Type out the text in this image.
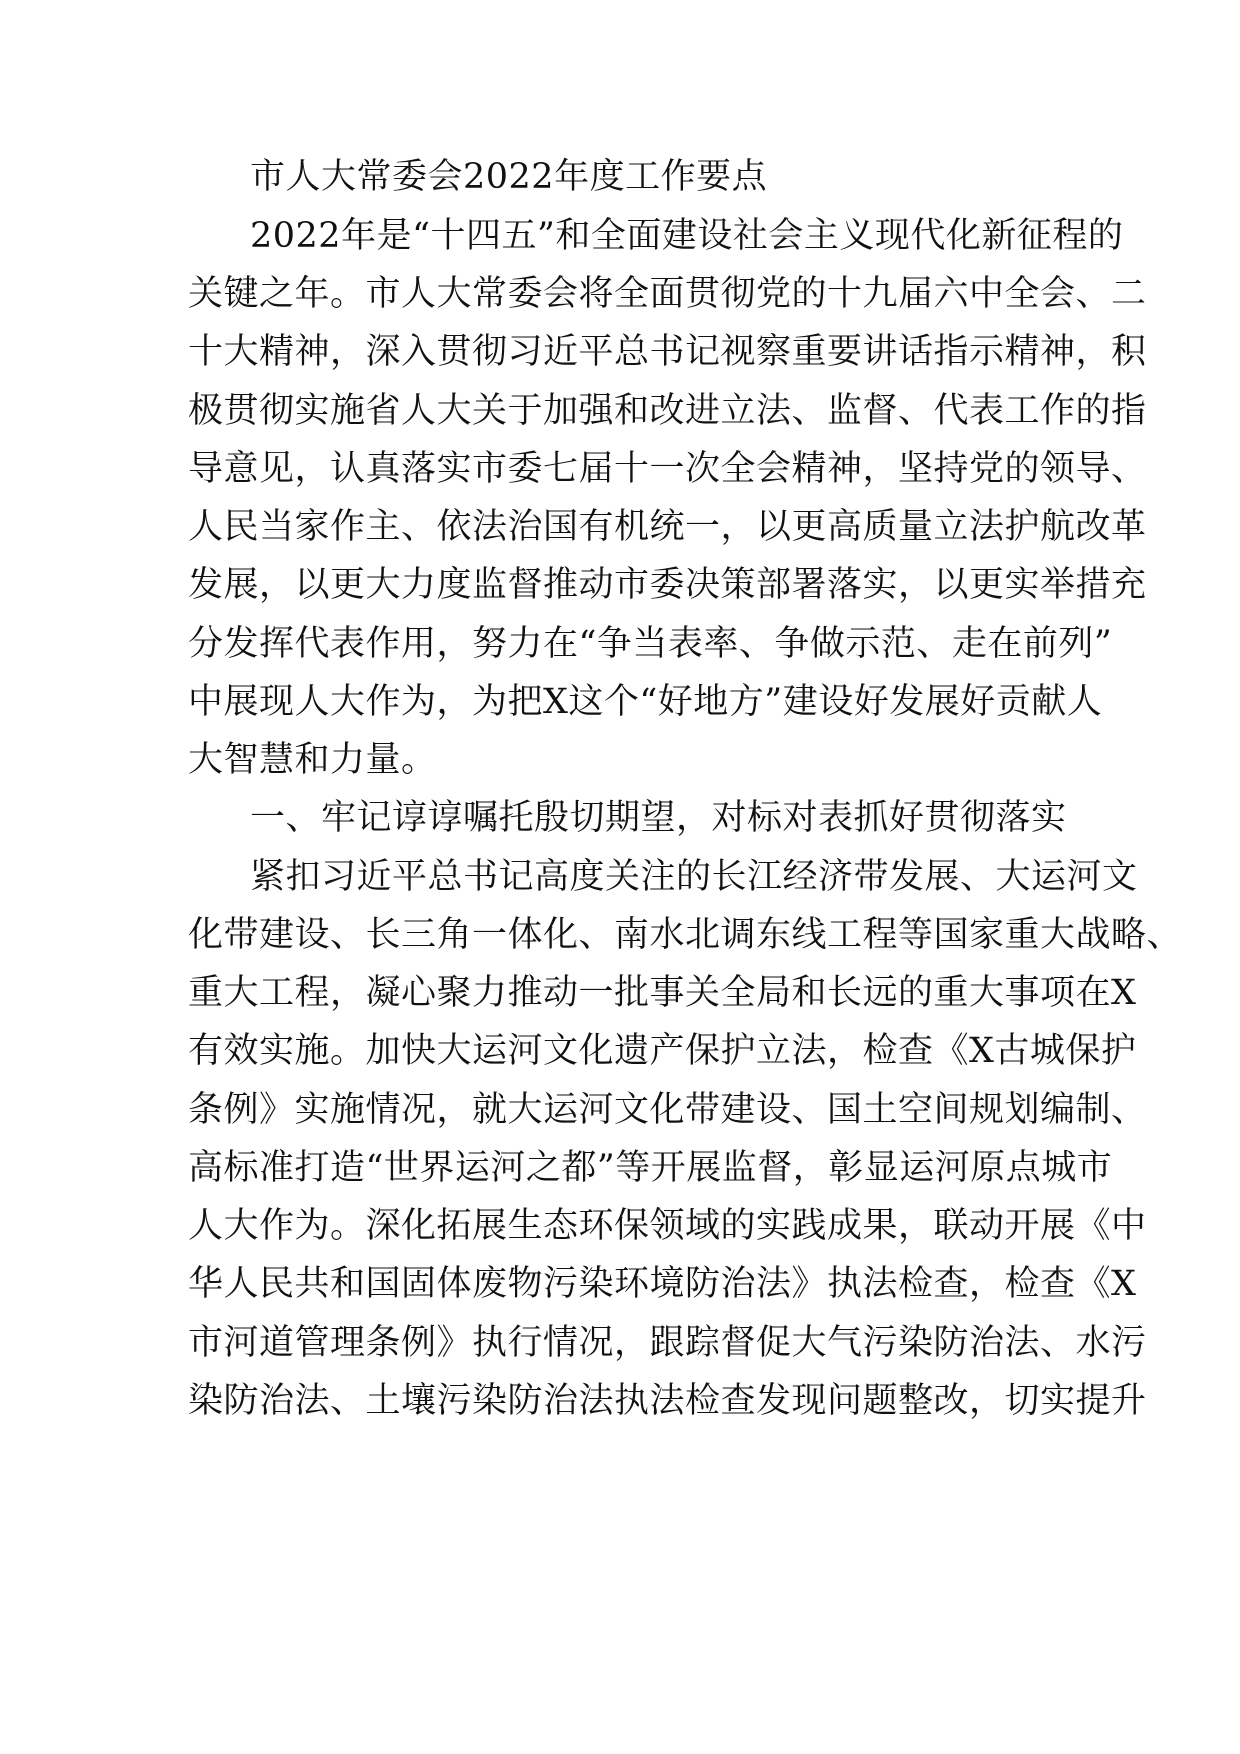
市人大常委会2022年度工作要点
2022年是“十四五”和全面建设社会主义现代化新征程的
关键之年。市人大常委会将全面贯彻党的十九届六中全会、二
十大精神，深入贯彻习近平总书记视察重要讲话指示精神，积
极贯彻实施省人大关于加强和改进立法、监督、代表工作的指
导意见，认真落实市委七届十一次全会精神，坚持党的领导、
人民当家作主、依法治国有机统一，以更高质量立法护航改革
发展，以更大力度监督推动市委决策部署落实，以更实举措充
分发挥代表作用，努力在“争当表率、争做示范、走在前列”
中展现人大作为，为把X这个“好地方”建设好发展好贡献人
大智慧和力量。
一、牢记谆谆嘱托殷切期望，对标对表抓好贯彻落实
紧扣习近平总书记高度关注的长江经济带发展、大运河文
化带建设、长三角一体化、南水北调东线工程等国家重大战略、
重大工程，凝心聚力推动一批事关全局和长远的重大事项在X
有效实施。加快大运河文化遗产保护立法，检查《X古城保护
条例》实施情况，就大运河文化带建设、国土空间规划编制、
高标准打造“世界运河之都”等开展监督，彰显运河原点城市
人大作为。深化拓展生态环保领域的实践成果，联动开展《中
华人民共和国固体废物污染环境防治法》执法检查，检查《X
市河道管理条例》执行情况，跟踪督促大气污染防治法、水污
染防治法、土壤污染防治法执法检查发现问题整改，切实提升
